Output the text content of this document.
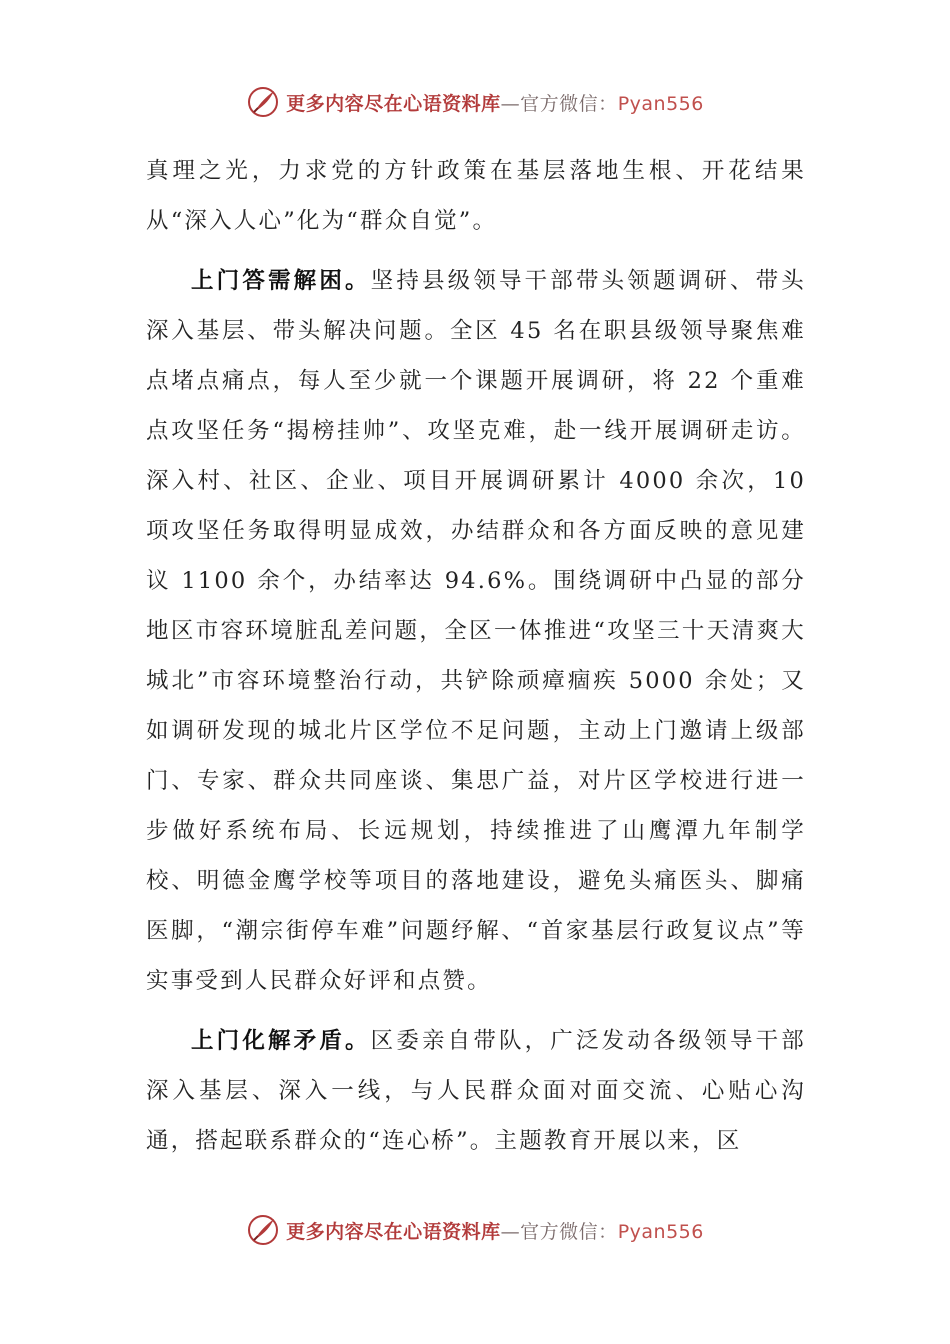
更多内容尽在心语资料库—官方微信：Pyan556

真理之光，力求党的方针政策在基层落地生根、开花结果从“深入人心”化为“群众自觉”。

上门答需解困。坚持县级领导干部带头领题调研、带头深入基层、带头解决问题。全区 45 名在职县级领导聚焦难点堵点痛点，每人至少就一个课题开展调研，将 22 个重难点攻坚任务“揭榜挂帅”、攻坚克难，赴一线开展调研走访。深入村、社区、企业、项目开展调研累计 4000 余次，10 项攻坚任务取得明显成效，办结群众和各方面反映的意见建议 1100 余个，办结率达 94.6%。围绕调研中凸显的部分地区市容环境脏乱差问题，全区一体推进“攻坚三十天清爽大城北”市容环境整治行动，共铲除顽瘴痼疾 5000 余处；又如调研发现的城北片区学位不足问题，主动上门邀请上级部门、专家、群众共同座谈、集思广益，对片区学校进行进一步做好系统布局、长远规划，持续推进了山鹰潭九年制学校、明德金鹰学校等项目的落地建设，避免头痛医头、脚痛医脚，“潮宗街停车难”问题纾解、“首家基层行政复议点”等实事受到人民群众好评和点赞。

上门化解矛盾。区委亲自带队，广泛发动各级领导干部深入基层、深入一线，与人民群众面对面交流、心贴心沟通，搭起联系群众的“连心桥”。主题教育开展以来，区

更多内容尽在心语资料库—官方微信：Pyan556
